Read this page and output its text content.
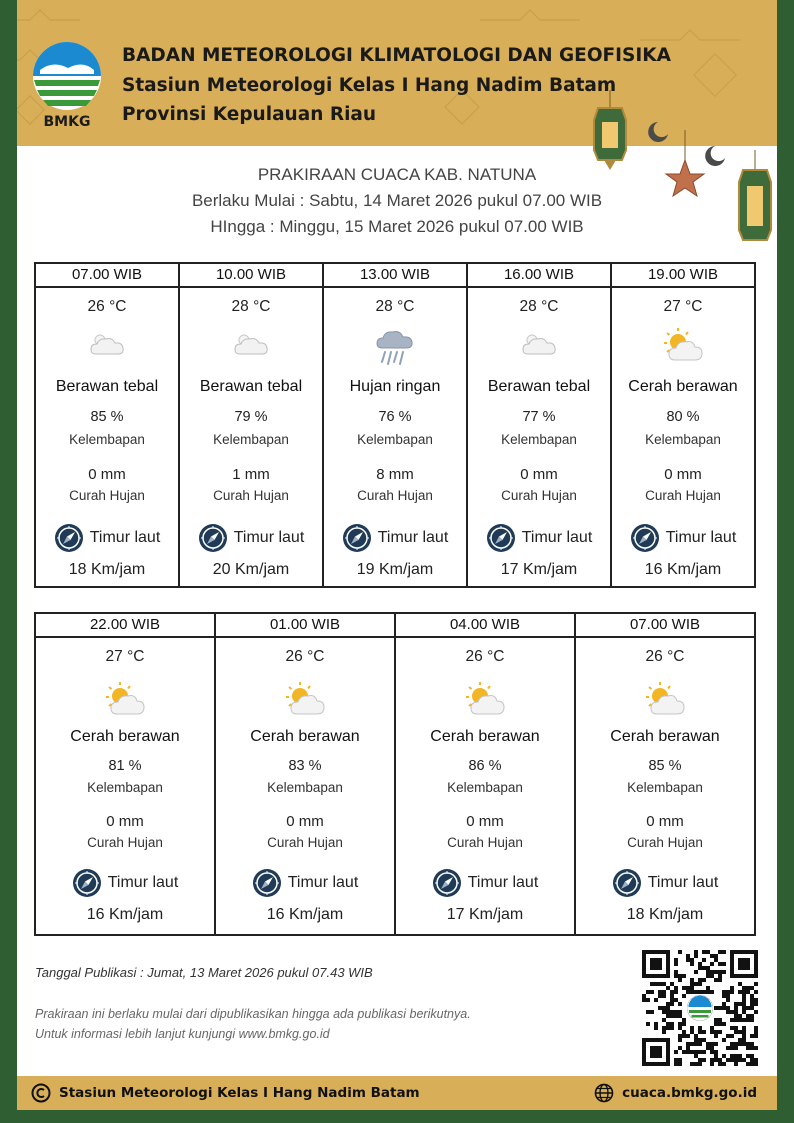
BMKG
BADAN METEOROLOGI KLIMATOLOGI DAN GEOFISIKA
Stasiun Meteorologi Kelas I Hang Nadim Batam
Provinsi Kepulauan Riau
PRAKIRAAN CUACA KAB. NATUNA
Berlaku Mulai : Sabtu, 14 Maret 2026 pukul 07.00 WIB
HIngga : Minggu, 15 Maret 2026 pukul 07.00 WIB
07.00 WIB
26 °C
Berawan tebal
85 %
Kelembapan
0 mm
Curah Hujan
Timur laut
18 Km/jam
10.00 WIB
28 °C
Berawan tebal
79 %
Kelembapan
1 mm
Curah Hujan
Timur laut
20 Km/jam
13.00 WIB
28 °C
Hujan ringan
76 %
Kelembapan
8 mm
Curah Hujan
Timur laut
19 Km/jam
16.00 WIB
28 °C
Berawan tebal
77 %
Kelembapan
0 mm
Curah Hujan
Timur laut
17 Km/jam
19.00 WIB
27 °C
Cerah berawan
80 %
Kelembapan
0 mm
Curah Hujan
Timur laut
16 Km/jam
22.00 WIB
27 °C
Cerah berawan
81 %
Kelembapan
0 mm
Curah Hujan
Timur laut
16 Km/jam
01.00 WIB
26 °C
Cerah berawan
83 %
Kelembapan
0 mm
Curah Hujan
Timur laut
16 Km/jam
04.00 WIB
26 °C
Cerah berawan
86 %
Kelembapan
0 mm
Curah Hujan
Timur laut
17 Km/jam
07.00 WIB
26 °C
Cerah berawan
85 %
Kelembapan
0 mm
Curah Hujan
Timur laut
18 Km/jam
Tanggal Publikasi : Jumat, 13 Maret 2026 pukul 07.43 WIB
Prakiraan ini berlaku mulai dari dipublikasikan hingga ada publikasi berikutnya.
Untuk informasi lebih lanjut kunjungi www.bmkg.go.id
Stasiun Meteorologi Kelas I Hang Nadim Batam	cuaca.bmkg.go.id
